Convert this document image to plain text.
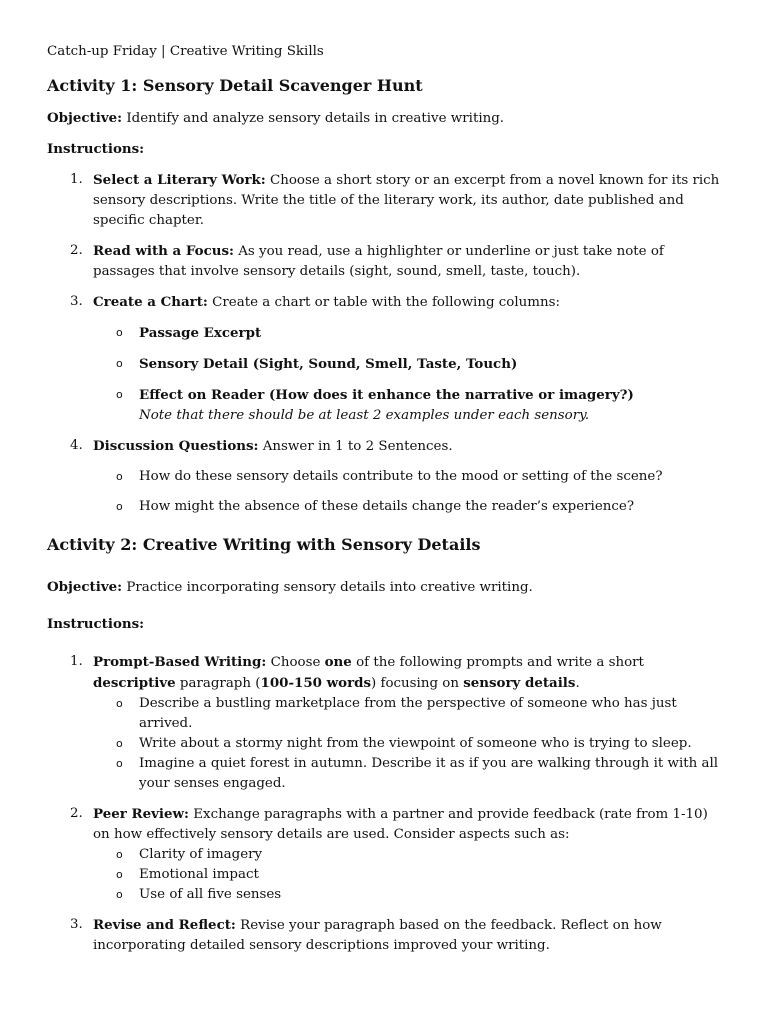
Catch-up Friday | Creative Writing Skills

Activity 1: Sensory Detail Scavenger Hunt

Objective: Identify and analyze sensory details in creative writing.

Instructions:

1. Select a Literary Work: Choose a short story or an excerpt from a novel known for its rich sensory descriptions. Write the title of the literary work, its author, date published and specific chapter.
2. Read with a Focus: As you read, use a highlighter or underline or just take note of passages that involve sensory details (sight, sound, smell, taste, touch).
3. Create a Chart: Create a chart or table with the following columns:
o Passage Excerpt
o Sensory Detail (Sight, Sound, Smell, Taste, Touch)
o Effect on Reader (How does it enhance the narrative or imagery?)
Note that there should be at least 2 examples under each sensory.
4. Discussion Questions: Answer in 1 to 2 Sentences.
o How do these sensory details contribute to the mood or setting of the scene?
o How might the absence of these details change the reader’s experience?
Activity 2: Creative Writing with Sensory Details

Objective: Practice incorporating sensory details into creative writing.

Instructions:

1. Prompt-Based Writing: Choose one of the following prompts and write a short descriptive paragraph (100-150 words) focusing on sensory details.
o Describe a bustling marketplace from the perspective of someone who has just arrived.
o Write about a stormy night from the viewpoint of someone who is trying to sleep.
o Imagine a quiet forest in autumn. Describe it as if you are walking through it with all your senses engaged.
2. Peer Review: Exchange paragraphs with a partner and provide feedback (rate from 1-10) on how effectively sensory details are used. Consider aspects such as:
o Clarity of imagery
o Emotional impact
o Use of all five senses
3. Revise and Reflect: Revise your paragraph based on the feedback. Reflect on how incorporating detailed sensory descriptions improved your writing.
